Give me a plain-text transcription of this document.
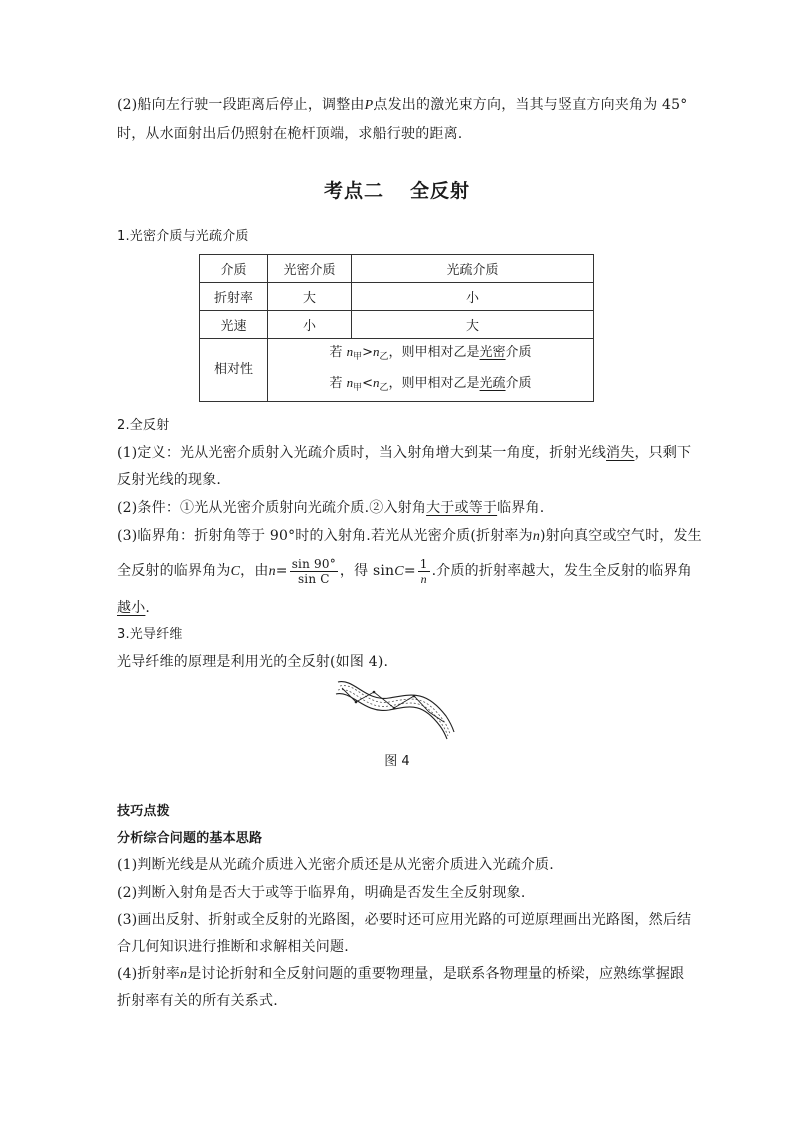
(2)船向左行驶一段距离后停止，调整由P点发出的激光束方向，当其与竖直方向夹角为 45°
时，从水面射出后仍照射在桅杆顶端，求船行驶的距离.
考点二 全反射
1.光密介质与光疏介质
介质	光密介质	光疏介质
折射率	大	小
光速	小	大
相对性	若 $n_甲>n_乙$，则甲相对乙是光密介质
若 $n_甲<n_乙$，则甲相对乙是光疏介质	
2.全反射
(1)定义：光从光密介质射入光疏介质时，当入射角增大到某一角度，折射光线消失，只剩下
反射光线的现象.
(2)条件：①光从光密介质射向光疏介质.②入射角大于或等于临界角.
(3)临界角：折射角等于 90°时的入射角.若光从光密介质(折射率为n)射向真空或空气时，发生
全反射的临界角为C，由$n= \frac{\sin 90^\circ}{\text{sin C}}$ ，得 $\sin C= \frac{1}{n}$ .介质的折射率越大，发生全反射的临界角
越小.
3.光导纤维
光导纤维的原理是利用光的全反射(如图 4).
图 4
技巧点拨
分析综合问题的基本思路
(1)判断光线是从光疏介质进入光密介质还是从光密介质进入光疏介质.
(2)判断入射角是否大于或等于临界角，明确是否发生全反射现象.
(3)画出反射、折射或全反射的光路图，必要时还可应用光路的可逆原理画出光路图，然后结
合几何知识进行推断和求解相关问题.
(4)折射率n是讨论折射和全反射问题的重要物理量，是联系各物理量的桥梁，应熟练掌握跟
折射率有关的所有关系式.
